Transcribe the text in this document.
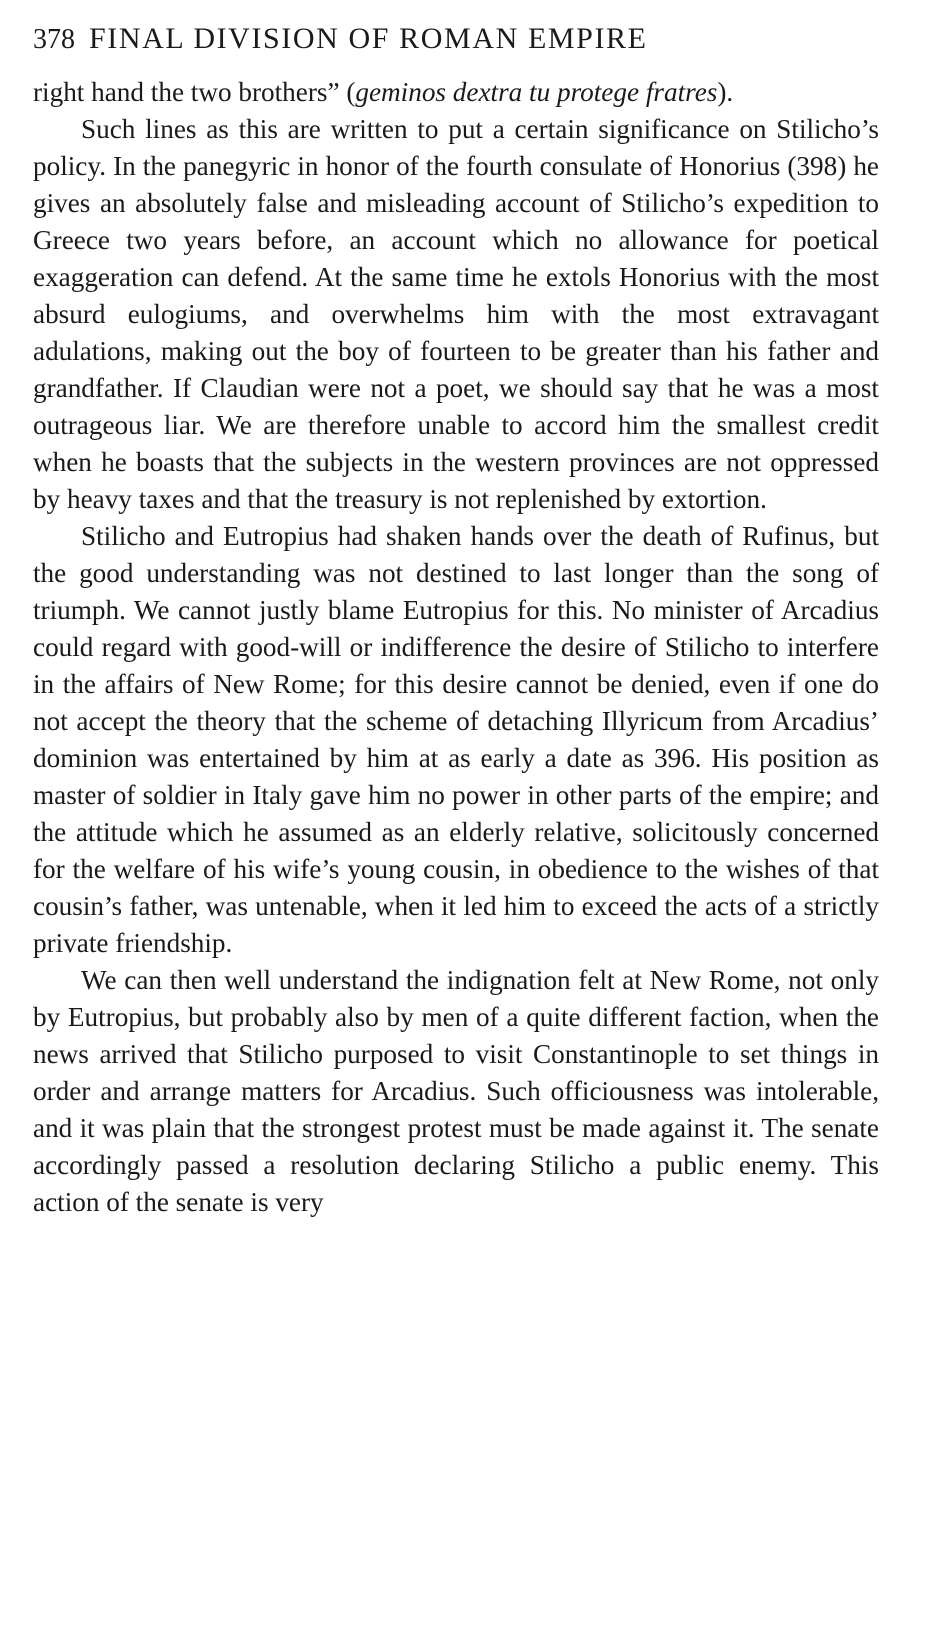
378 FINAL DIVISION OF ROMAN EMPIRE

right hand the two brothers” (geminos dextra tu protege fratres).

Such lines as this are written to put a certain significance on Stilicho’s policy. In the panegyric in honor of the fourth consulate of Honorius (398) he gives an absolutely false and misleading account of Stilicho’s expedition to Greece two years before, an account which no allowance for poetical exaggeration can defend. At the same time he extols Honorius with the most absurd eulogiums, and overwhelms him with the most extravagant adulations, making out the boy of fourteen to be greater than his father and grandfather. If Claudian were not a poet, we should say that he was a most outrageous liar. We are therefore unable to accord him the smallest credit when he boasts that the subjects in the western provinces are not oppressed by heavy taxes and that the treasury is not replenished by extortion.

Stilicho and Eutropius had shaken hands over the death of Rufinus, but the good understanding was not destined to last longer than the song of triumph. We cannot justly blame Eutropius for this. No minister of Arcadius could regard with good-will or indifference the desire of Stilicho to interfere in the affairs of New Rome; for this desire cannot be denied, even if one do not accept the theory that the scheme of detaching Illyricum from Arcadius’ dominion was entertained by him at as early a date as 396. His position as master of soldier in Italy gave him no power in other parts of the empire; and the attitude which he assumed as an elderly relative, solicitously concerned for the welfare of his wife’s young cousin, in obedience to the wishes of that cousin’s father, was untenable, when it led him to exceed the acts of a strictly private friendship.

We can then well understand the indignation felt at New Rome, not only by Eutropius, but probably also by men of a quite different faction, when the news arrived that Stilicho purposed to visit Constantinople to set things in order and arrange matters for Arcadius. Such officiousness was intolerable, and it was plain that the strongest protest must be made against it. The senate accordingly passed a resolution declaring Stilicho a public enemy. This action of the senate is very
